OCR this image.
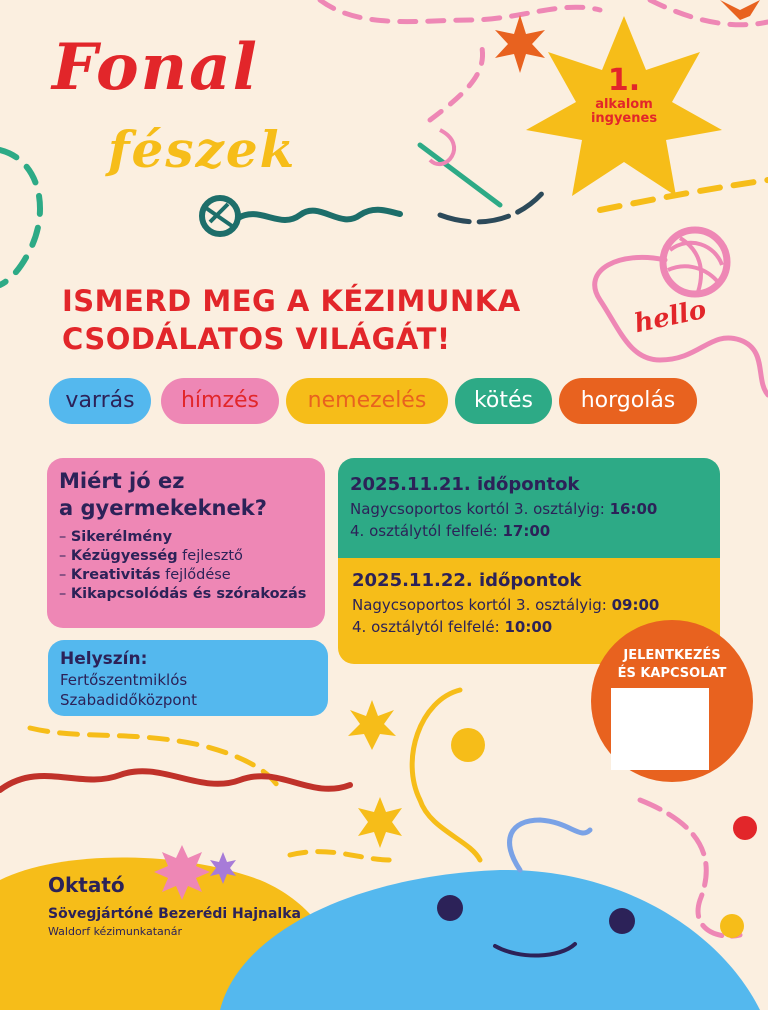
Fonal
fészek
1.
alkalom
ingyenes
hello
ISMERD MEG A KÉZIMUNKA
CSODÁLATOS VILÁGÁT!
varrás	hímzés	nemezelés	kötés	horgolás
Miért jó ez
a gyermekeknek?
– Sikerélmény
– Kézügyesség fejlesztő
– Kreativitás fejlődése
– Kikapcsolódás és szórakozás
Helyszín:

Fertőszentmiklós

Szabadidőközpont

2025.11.21. időpontok

Nagycsoportos kortól 3. osztályig: 16:00

4. osztálytól felfelé: 17:00

2025.11.22. időpontok

Nagycsoportos kortól 3. osztályig: 09:00

4. osztálytól felfelé: 10:00

JELENTKEZÉS
ÉS KAPCSOLAT
Oktató
Sövegjártóné Bezerédi Hajnalka
Waldorf kézimunkatanár
